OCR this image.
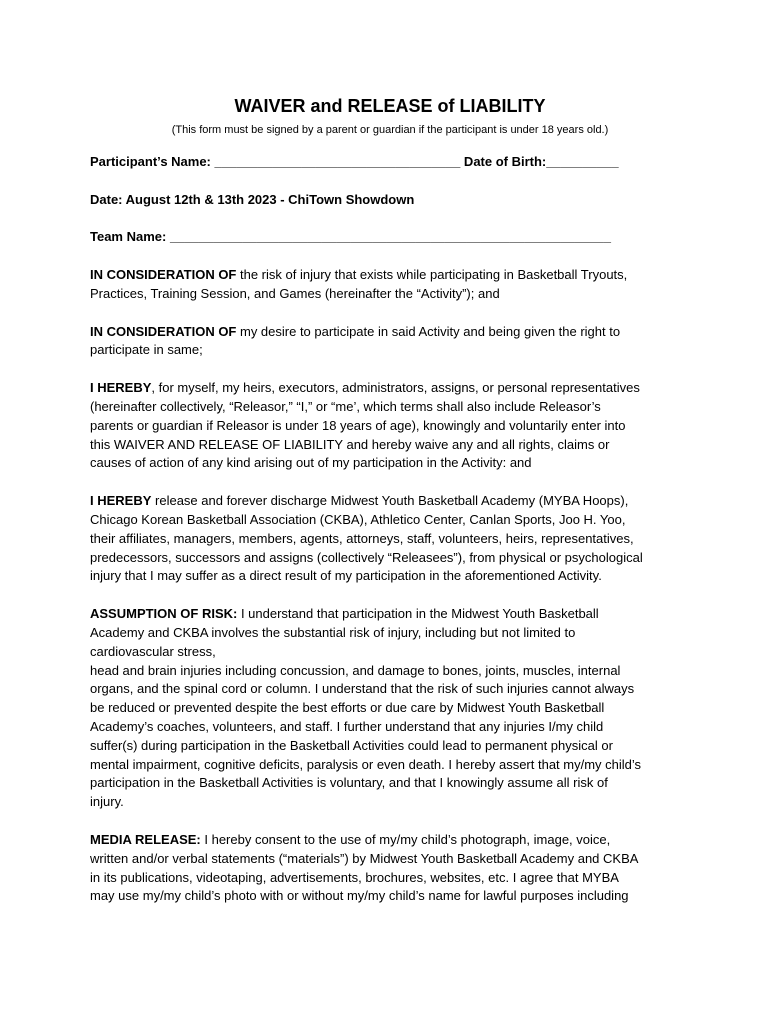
WAIVER and RELEASE of LIABILITY

(This form must be signed by a parent or guardian if the participant is under 18 years old.)

Participant’s Name: __________________________________ Date of Birth:__________

Date: August 12th & 13th 2023 - ChiTown Showdown

Team Name: _____________________________________________________________

IN CONSIDERATION OF the risk of injury that exists while participating in Basketball Tryouts,
Practices, Training Session, and Games (hereinafter the “Activity”); and

IN CONSIDERATION OF my desire to participate in said Activity and being given the right to
participate in same;

I HEREBY, for myself, my heirs, executors, administrators, assigns, or personal representatives
(hereinafter collectively, “Releasor,” “I,” or “me’, which terms shall also include Releasor’s
parents or guardian if Releasor is under 18 years of age), knowingly and voluntarily enter into
this WAIVER AND RELEASE OF LIABILITY and hereby waive any and all rights, claims or
causes of action of any kind arising out of my participation in the Activity: and

I HEREBY release and forever discharge Midwest Youth Basketball Academy (MYBA Hoops),
Chicago Korean Basketball Association (CKBA), Athletico Center, Canlan Sports, Joo H. Yoo,
their affiliates, managers, members, agents, attorneys, staff, volunteers, heirs, representatives,
predecessors, successors and assigns (collectively “Releasees”), from physical or psychological
injury that I may suffer as a direct result of my participation in the aforementioned Activity.

ASSUMPTION OF RISK: I understand that participation in the Midwest Youth Basketball
Academy and CKBA involves the substantial risk of injury, including but not limited to
cardiovascular stress,
head and brain injuries including concussion, and damage to bones, joints, muscles, internal
organs, and the spinal cord or column. I understand that the risk of such injuries cannot always
be reduced or prevented despite the best efforts or due care by Midwest Youth Basketball
Academy’s coaches, volunteers, and staff. I further understand that any injuries I/my child
suffer(s) during participation in the Basketball Activities could lead to permanent physical or
mental impairment, cognitive deficits, paralysis or even death. I hereby assert that my/my child’s
participation in the Basketball Activities is voluntary, and that I knowingly assume all risk of
injury.

MEDIA RELEASE: I hereby consent to the use of my/my child’s photograph, image, voice,
written and/or verbal statements (“materials”) by Midwest Youth Basketball Academy and CKBA
in its publications, videotaping, advertisements, brochures, websites, etc. I agree that MYBA
may use my/my child’s photo with or without my/my child’s name for lawful purposes including
